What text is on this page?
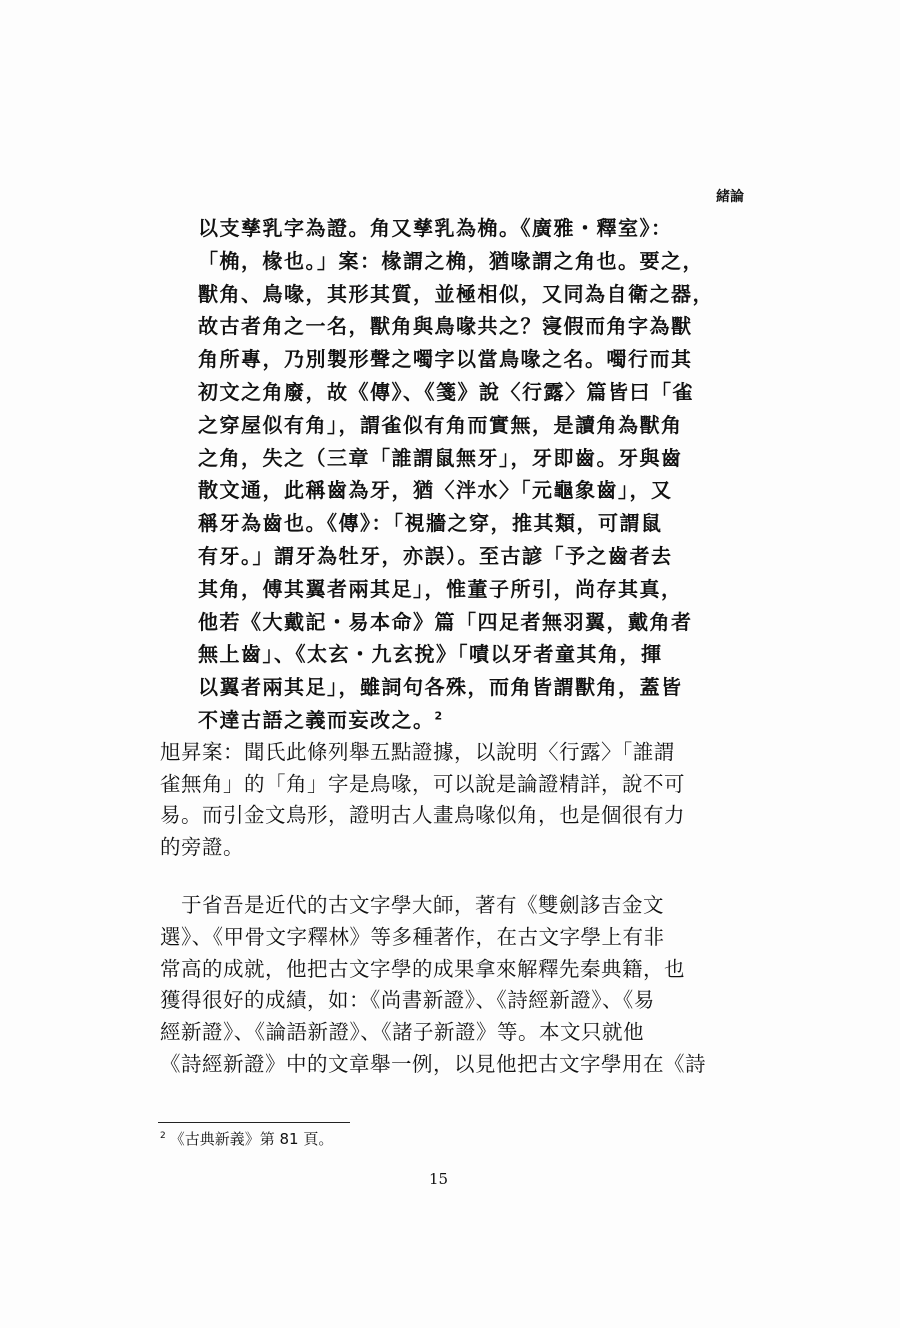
緒論
以支孳乳字為證。角又孳乳為桷。《廣雅・釋室》：
「桷，椽也。」案：椽謂之桷，猶喙謂之角也。要之，
獸角、鳥喙，其形其質，並極相似，又同為自衛之器，
故古者角之一名，獸角與鳥喙共之？寖假而角字為獸
角所專，乃別製形聲之噣字以當鳥喙之名。噣行而其
初文之角廢，故《傳》、《箋》說〈行露〉篇皆曰「雀
之穿屋似有角」，謂雀似有角而實無，是讀角為獸角
之角，失之（三章「誰謂鼠無牙」，牙即齒。牙與齒
散文通，此稱齒為牙，猶〈泮水〉「元龜象齒」，又
稱牙為齒也。《傳》：「視牆之穿，推其類，可謂鼠
有牙。」謂牙為牡牙，亦誤）。至古諺「予之齒者去
其角，傅其翼者兩其足」，惟董子所引，尚存其真，
他若《大戴記・易本命》篇「四足者無羽翼，戴角者
無上齒」、《太玄・九玄挩》「嘖以牙者童其角，揮
以翼者兩其足」，雖詞句各殊，而角皆謂獸角，蓋皆
不達古語之義而妄改之。$^2$
旭昇案：聞氏此條列舉五點證據，以說明〈行露〉「誰謂
雀無角」的「角」字是鳥喙，可以說是論證精詳，說不可
易。而引金文鳥形，證明古人畫鳥喙似角，也是個很有力
的旁證。
　于省吾是近代的古文字學大師，著有《雙劍誃吉金文
選》、《甲骨文字釋林》等多種著作，在古文字學上有非
常高的成就，他把古文字學的成果拿來解釋先秦典籍，也
獲得很好的成績，如：《尚書新證》、《詩經新證》、《易
經新證》、《論語新證》、《諸子新證》等。本文只就他
《詩經新證》中的文章舉一例，以見他把古文字學用在《詩
$^2$ 《古典新義》第 81 頁。
15
